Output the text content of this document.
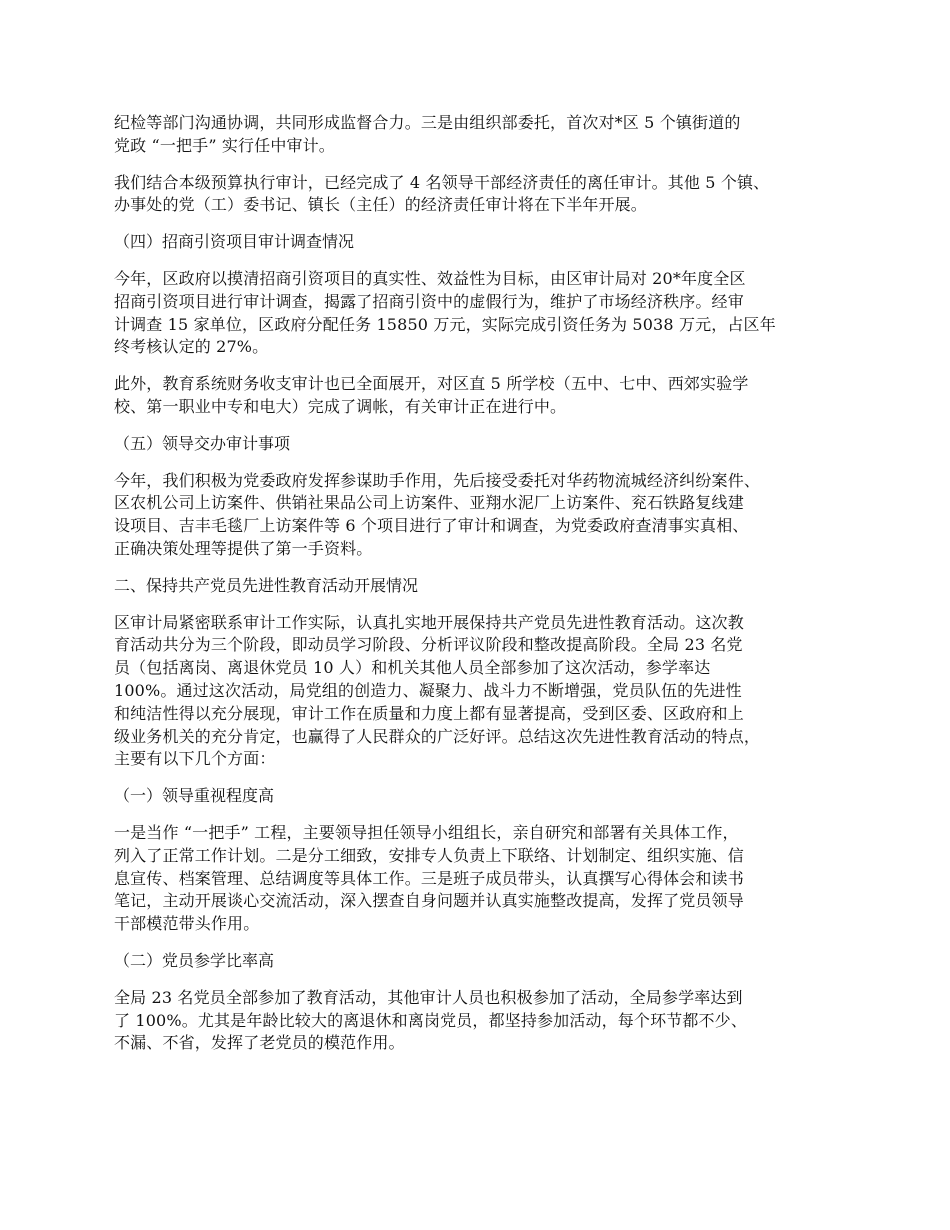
纪检等部门沟通协调，共同形成监督合力。三是由组织部委托，首次对*区 5 个镇街道的
党政 “一把手” 实行任中审计。

我们结合本级预算执行审计，已经完成了 4 名领导干部经济责任的离任审计。其他 5 个镇、
办事处的党（工）委书记、镇长（主任）的经济责任审计将在下半年开展。

（四）招商引资项目审计调查情况

今年，区政府以摸清招商引资项目的真实性、效益性为目标，由区审计局对 20*年度全区
招商引资项目进行审计调查，揭露了招商引资中的虚假行为，维护了市场经济秩序。经审
计调查 15 家单位，区政府分配任务 15850 万元，实际完成引资任务为 5038 万元，占区年
终考核认定的 27%。

此外，教育系统财务收支审计也已全面展开，对区直 5 所学校（五中、七中、西郊实验学
校、第一职业中专和电大）完成了调帐，有关审计正在进行中。

（五）领导交办审计事项

今年，我们积极为党委政府发挥参谋助手作用，先后接受委托对华药物流城经济纠纷案件、
区农机公司上访案件、供销社果品公司上访案件、亚翔水泥厂上访案件、兖石铁路复线建
设项目、吉丰毛毯厂上访案件等 6 个项目进行了审计和调查，为党委政府查清事实真相、
正确决策处理等提供了第一手资料。

二、保持共产党员先进性教育活动开展情况

区审计局紧密联系审计工作实际，认真扎实地开展保持共产党员先进性教育活动。这次教
育活动共分为三个阶段，即动员学习阶段、分析评议阶段和整改提高阶段。全局 23 名党
员（包括离岗、离退休党员 10 人）和机关其他人员全部参加了这次活动，参学率达
100%。通过这次活动，局党组的创造力、凝聚力、战斗力不断增强，党员队伍的先进性
和纯洁性得以充分展现，审计工作在质量和力度上都有显著提高，受到区委、区政府和上
级业务机关的充分肯定，也赢得了人民群众的广泛好评。总结这次先进性教育活动的特点，
主要有以下几个方面：

（一）领导重视程度高

一是当作 “一把手” 工程，主要领导担任领导小组组长，亲自研究和部署有关具体工作，
列入了正常工作计划。二是分工细致，安排专人负责上下联络、计划制定、组织实施、信
息宣传、档案管理、总结调度等具体工作。三是班子成员带头，认真撰写心得体会和读书
笔记，主动开展谈心交流活动，深入摆查自身问题并认真实施整改提高，发挥了党员领导
干部模范带头作用。

（二）党员参学比率高

全局 23 名党员全部参加了教育活动，其他审计人员也积极参加了活动，全局参学率达到
了 100%。尤其是年龄比较大的离退休和离岗党员，都坚持参加活动，每个环节都不少、
不漏、不省，发挥了老党员的模范作用。
